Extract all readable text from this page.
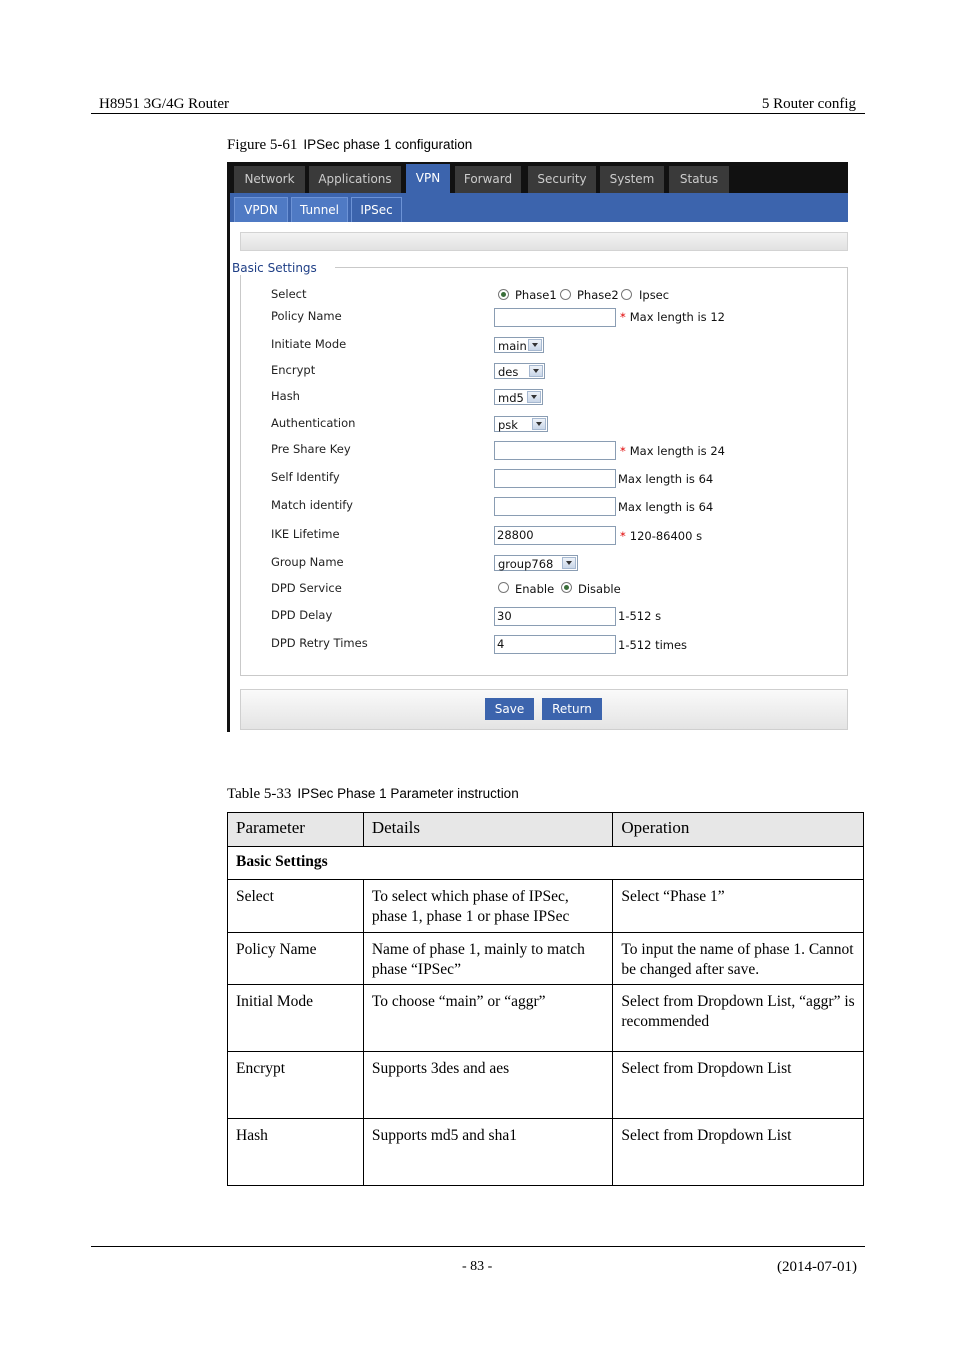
H8951 3G/4G Router	5 Router config
Figure 5-61 IPSec phase 1 configuration
Network	Applications	VPN	Forward	Security	System	Status
VPDN	Tunnel	IPSec
Basic Settings
Select	Phase1 Phase2 Ipsec
Policy Name	* Max length is 12
Initiate Mode	main
Encrypt	des
Hash	md5
Authentication	psk
Pre Share Key	* Max length is 24
Self Identify	Max length is 64
Match identify	Max length is 64
IKE Lifetime	28800	* 120-86400 s
Group Name	group768
DPD Service	Enable Disable
DPD Delay	30	1-512 s
DPD Retry Times	4	1-512 times
Save	Return
Table 5-33 IPSec Phase 1 Parameter instruction
Parameter	Details	Operation
Basic Settings		
Select	To select which phase of IPSec, phase 1, phase 1 or phase IPSec	Select “Phase 1”
Policy Name	Name of phase 1, mainly to match phase “IPSec”	To input the name of phase 1. Cannot be changed after save.
Initial Mode	To choose “main” or “aggr”	Select from Dropdown List, “aggr” is recommended
Encrypt	Supports 3des and aes	Select from Dropdown List
Hash	Supports md5 and sha1	Select from Dropdown List
- 83 -	(2014-07-01)
